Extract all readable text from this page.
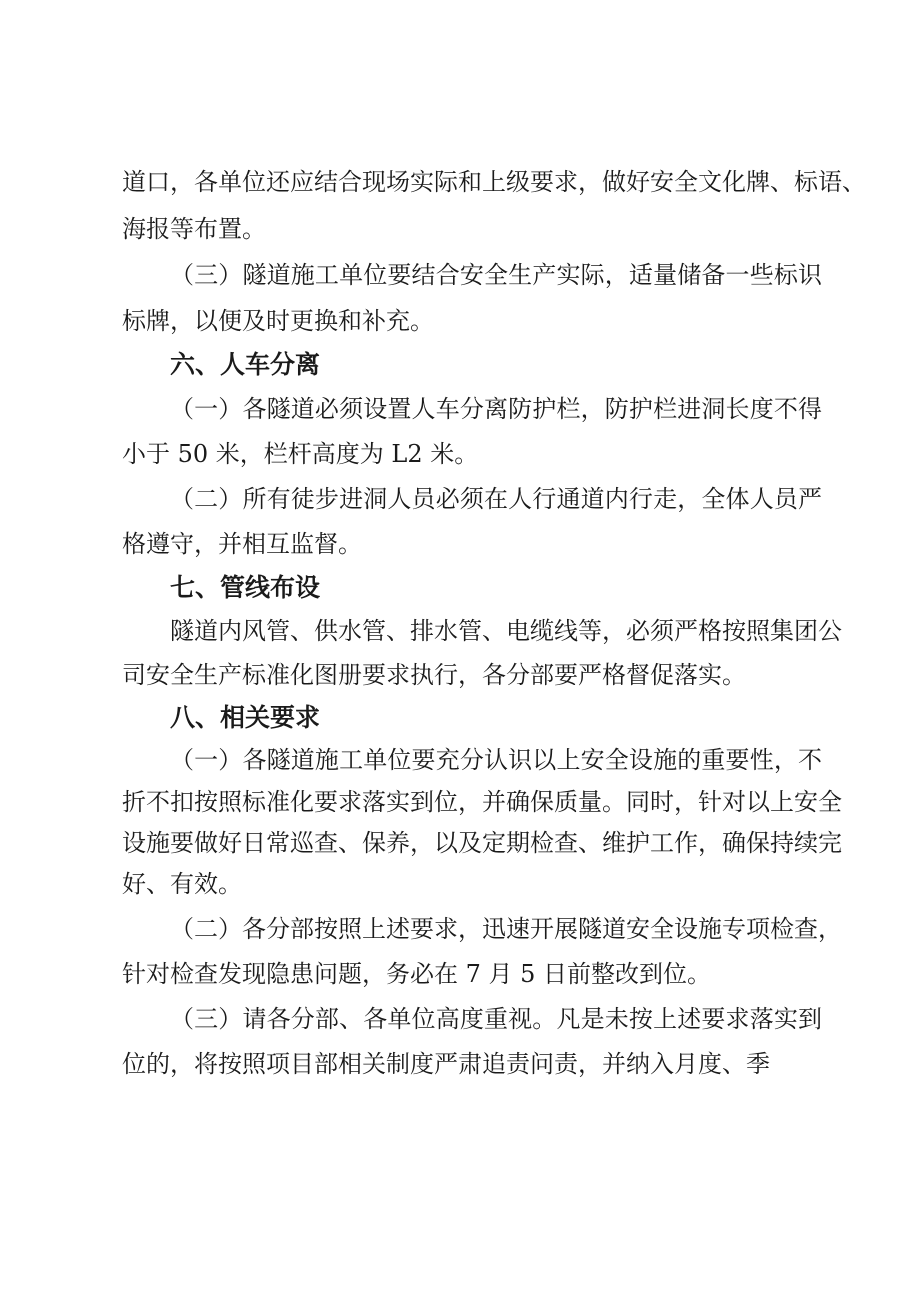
道口，各单位还应结合现场实际和上级要求，做好安全文化牌、标语、
海报等布置。
（三）隧道施工单位要结合安全生产实际，适量储备一些标识
标牌，以便及时更换和补充。
六、人车分离
（一）各隧道必须设置人车分离防护栏，防护栏进洞长度不得
小于 50 米，栏杆高度为 L2 米。
（二）所有徒步进洞人员必须在人行通道内行走，全体人员严
格遵守，并相互监督。
七、管线布设
隧道内风管、供水管、排水管、电缆线等，必须严格按照集团公
司安全生产标准化图册要求执行，各分部要严格督促落实。
八、相关要求
（一）各隧道施工单位要充分认识以上安全设施的重要性，不
折不扣按照标准化要求落实到位，并确保质量。同时，针对以上安全
设施要做好日常巡查、保养，以及定期检查、维护工作，确保持续完
好、有效。
（二）各分部按照上述要求，迅速开展隧道安全设施专项检查，
针对检查发现隐患问题，务必在 7 月 5 日前整改到位。
（三）请各分部、各单位高度重视。凡是未按上述要求落实到
位的，将按照项目部相关制度严肃追责问责，并纳入月度、季
